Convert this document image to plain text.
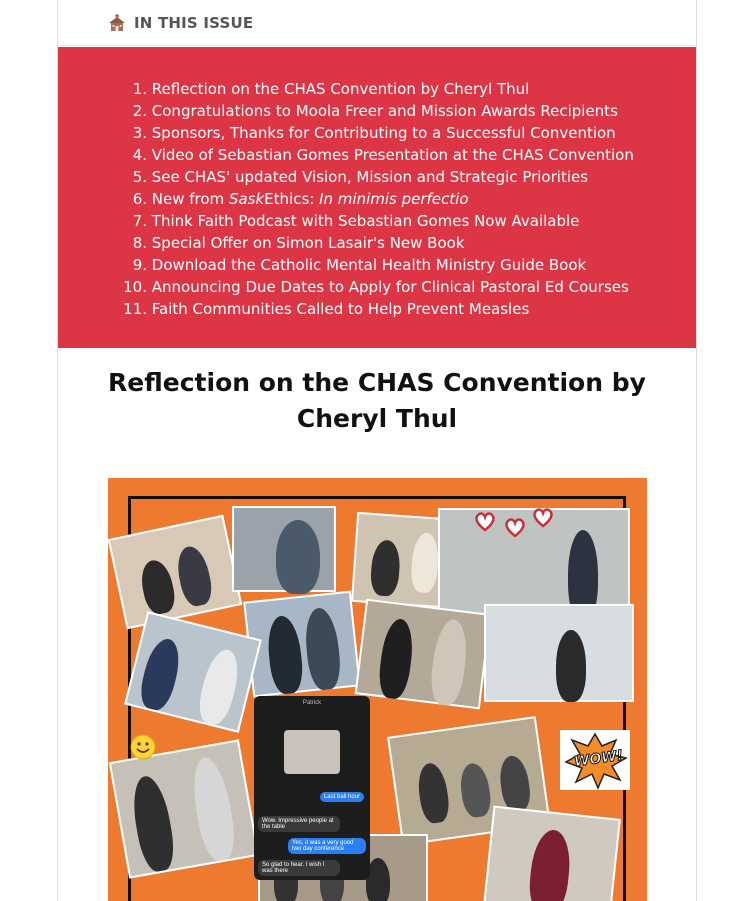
IN THIS ISSUE
1. Reflection on the CHAS Convention by Cheryl Thul
2. Congratulations to Moola Freer and Mission Awards Recipients
3. Sponsors, Thanks for Contributing to a Successful Convention
4. Video of Sebastian Gomes Presentation at the CHAS Convention
5. See CHAS' updated Vision, Mission and Strategic Priorities
6. New from SaskEthics: In minimis perfectio
7. Think Faith Podcast with Sebastian Gomes Now Available
8. Special Offer on Simon Lasair's New Book
9. Download the Catholic Mental Health Ministry Guide Book
10. Announcing Due Dates to Apply for Clinical Pastoral Ed Courses
11. Faith Communities Called to Help Prevent Measles
Reflection on the CHAS Convention by
Cheryl Thul
Patrick
Last ball hour
Wow. Impressive people at the table
Yes, it was a very good two day conference
So glad to hear. I wish I was there
WOW!
